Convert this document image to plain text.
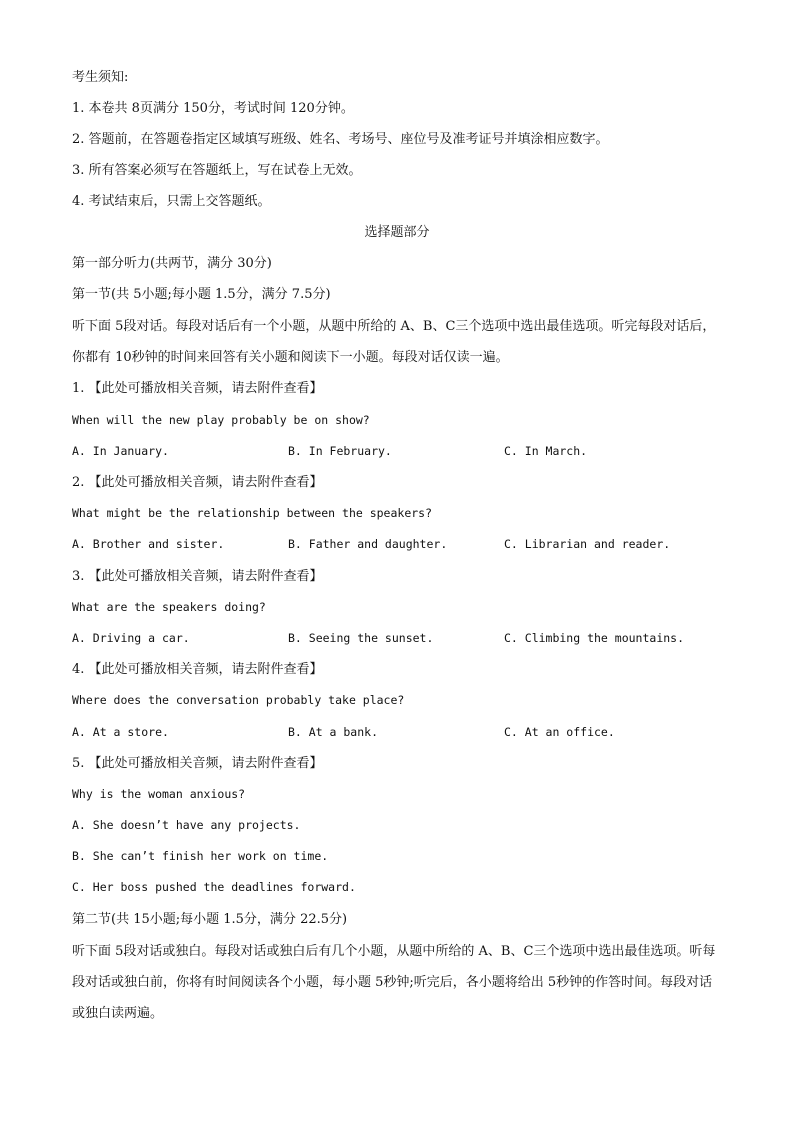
考生须知:
1. 本卷共 8页满分 150分，考试时间 120分钟。
2. 答题前，在答题卷指定区域填写班级、姓名、考场号、座位号及准考证号并填涂相应数字。
3. 所有答案必须写在答题纸上，写在试卷上无效。
4. 考试结束后，只需上交答题纸。
选择题部分
第一部分听力(共两节，满分 30分)
第一节(共 5小题;每小题 1.5分，满分 7.5分)
听下面 5段对话。每段对话后有一个小题，从题中所给的 A、B、C三个选项中选出最佳选项。听完每段对话后，你都有 10秒钟的时间来回答有关小题和阅读下一小题。每段对话仅读一遍。
1. 【此处可播放相关音频，请去附件查看】
When will the new play probably be on show?
A. In January.	B. In February.	C. In March.
2. 【此处可播放相关音频，请去附件查看】
What might be the relationship between the speakers?
A. Brother and sister.	B. Father and daughter.	C. Librarian and reader.
3. 【此处可播放相关音频，请去附件查看】
What are the speakers doing?
A. Driving a car.	B. Seeing the sunset.	C. Climbing the mountains.
4. 【此处可播放相关音频，请去附件查看】
Where does the conversation probably take place?
A. At a store.	B. At a bank.	C. At an office.
5. 【此处可播放相关音频，请去附件查看】
Why is the woman anxious?
A. She doesn’t have any projects.
B. She can’t finish her work on time.
C. Her boss pushed the deadlines forward.
第二节(共 15小题;每小题 1.5分，满分 22.5分)
听下面 5段对话或独白。每段对话或独白后有几个小题，从题中所给的 A、B、C三个选项中选出最佳选项。听每段对话或独白前，你将有时间阅读各个小题，每小题 5秒钟;听完后，各小题将给出 5秒钟的作答时间。每段对话或独白读两遍。
